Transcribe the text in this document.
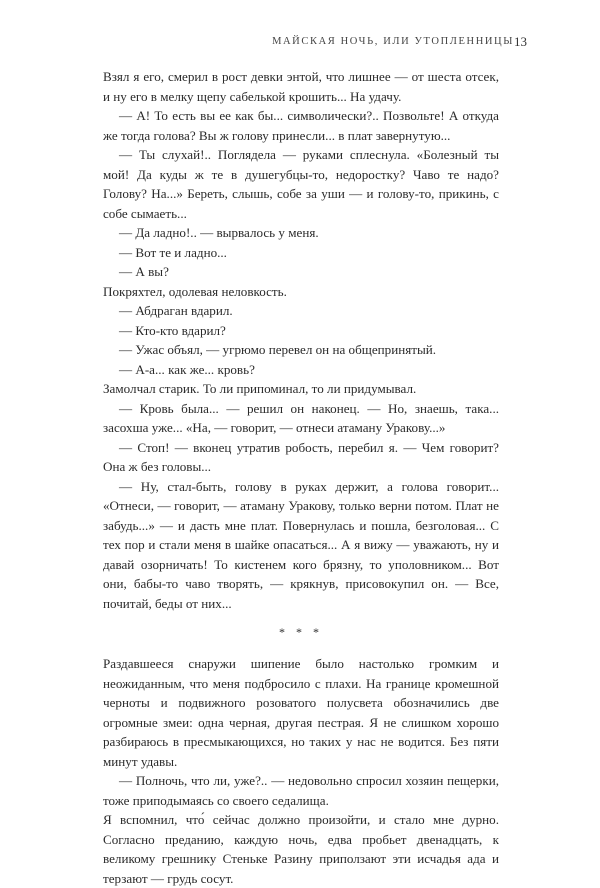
МАЙСКАЯ НОЧЬ, ИЛИ УТОПЛЕННИЦЫ 13

Взял я его, смерил в рост девки энтой, что лишнее — от шеста отсек, и ну его в мелку щепу сабелькой крошить... На удачу.

— А! То есть вы ее как бы... символически?.. Позвольте! А откуда же тогда голова? Вы ж голову принесли... в плат завернутую...

— Ты слухай!.. Погляделa — руками сплеснула. «Болезный ты мой! Да куды ж те в душегубцы-то, недоростку? Чаво те надо? Голову? На...» Береть, слышь, собе за уши — и голову-то, прикинь, с собе сымаеть...

— Да ладно!.. — вырвалось у меня.

— Вот те и ладно...

— А вы?

Покряхтел, одолевая неловкость.

— Абдраган вдарил.

— Кто-кто вдарил?

— Ужас объял, — угрюмо перевел он на общепринятый.

— А-а... как же... кровь?

Замолчал старик. То ли припоминал, то ли придумывал.

— Кровь была... — решил он наконец. — Но, знаешь, така... засохша уже... «На, — говорит, — отнеси атаману Уракову...»

— Стоп! — вконец утратив робость, перебил я. — Чем говорит? Она ж без головы...

— Ну, стал-быть, голову в руках держит, а голова говорит... «Отнеси, — говорит, — атаману Уракову, только верни потом. Плат не забудь...» — и дасть мне плат. Повернулась и пошла, безголовая... С тех пор и стали меня в шайке опасаться... А я вижу — уважають, ну и давай озорничать! То кистенем кого брязну, то уполовником... Вот они, бабы-то чаво творять, — крякнув, присовокупил он. — Все, почитай, беды от них...

* * *

Раздавшееся снаружи шипение было настолько громким и неожиданным, что меня подбросило с плахи. На границе кромешной черноты и подвижного розоватого полусвета обозначились две огромные змеи: одна черная, другая пестрая. Я не слишком хорошо разбираюсь в пресмыкающихся, но таких у нас не водится. Без пяти минут удавы.

— Полночь, что ли, уже?.. — недовольно спросил хозяин пещерки, тоже приподымаясь со своего седалища.

Я вспомнил, что́ сейчас должно произойти, и стало мне дурно. Согласно преданию, каждую ночь, едва пробьет двенадцать, к великому грешнику Стеньке Разину приползают эти исчадья ада и терзают — грудь сосут.
